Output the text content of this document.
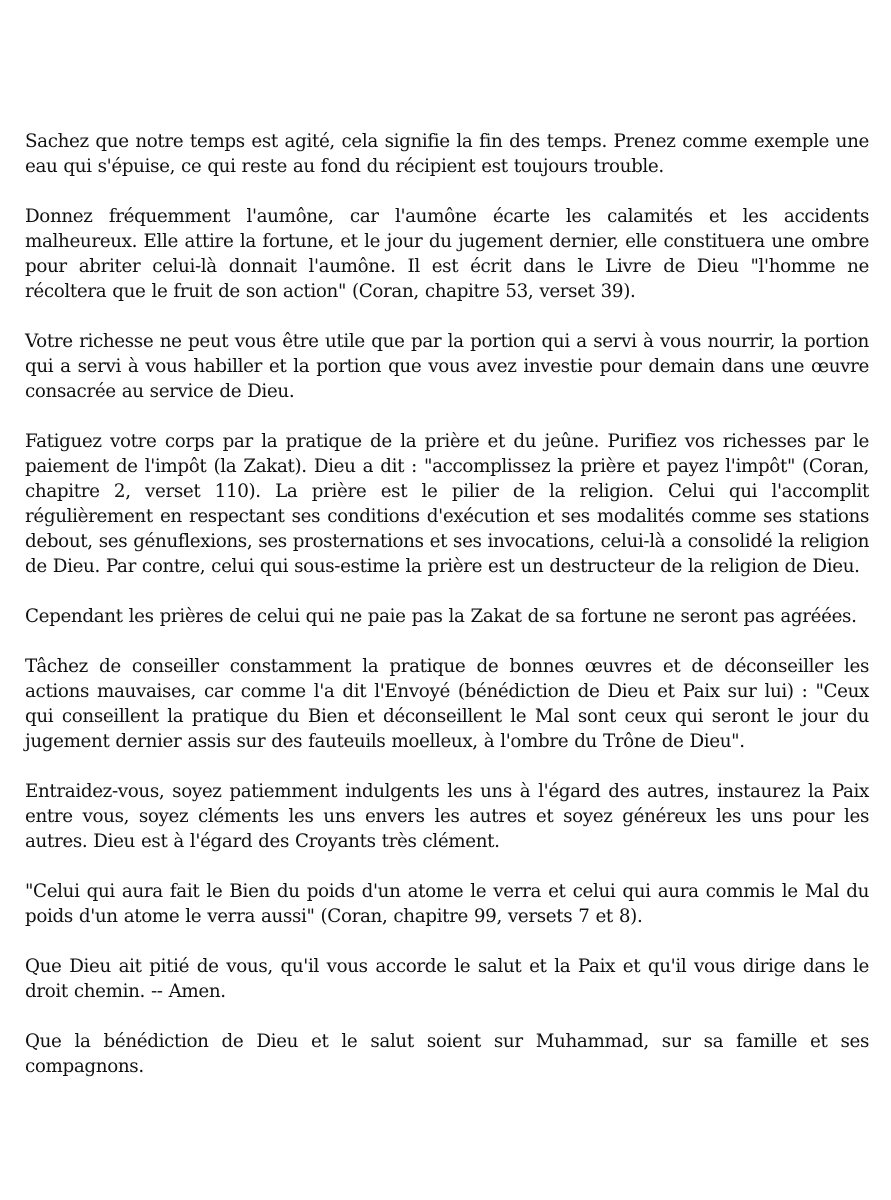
Sachez que notre temps est agité, cela signifie la fin des temps. Prenez comme exemple une eau qui s'épuise, ce qui reste au fond du récipient est toujours trouble.

Donnez fréquemment l'aumône, car l'aumône écarte les calamités et les accidents malheureux. Elle attire la fortune, et le jour du jugement dernier, elle constituera une ombre pour abriter celui-là donnait l'aumône. Il est écrit dans le Livre de Dieu "l'homme ne récoltera que le fruit de son action" (Coran, chapitre 53, verset 39).

Votre richesse ne peut vous être utile que par la portion qui a servi à vous nourrir, la portion qui a servi à vous habiller et la portion que vous avez investie pour demain dans une œuvre consacrée au service de Dieu.

Fatiguez votre corps par la pratique de la prière et du jeûne. Purifiez vos richesses par le paiement de l'impôt (la Zakat). Dieu a dit : "accomplissez la prière et payez l'impôt" (Coran, chapitre 2, verset 110). La prière est le pilier de la religion. Celui qui l'accomplit régulièrement en respectant ses conditions d'exécution et ses modalités comme ses stations debout, ses génuflexions, ses prosternations et ses invocations, celui-là a consolidé la religion de Dieu. Par contre, celui qui sous-estime la prière est un destructeur de la religion de Dieu.

Cependant les prières de celui qui ne paie pas la Zakat de sa fortune ne seront pas agréées.

Tâchez de conseiller constamment la pratique de bonnes œuvres et de déconseiller les actions mauvaises, car comme l'a dit l'Envoyé (bénédiction de Dieu et Paix sur lui) : "Ceux qui conseillent la pratique du Bien et déconseillent le Mal sont ceux qui seront le jour du jugement dernier assis sur des fauteuils moelleux, à l'ombre du Trône de Dieu".

Entraidez-vous, soyez patiemment indulgents les uns à l'égard des autres, instaurez la Paix entre vous, soyez cléments les uns envers les autres et soyez généreux les uns pour les autres. Dieu est à l'égard des Croyants très clément.

"Celui qui aura fait le Bien du poids d'un atome le verra et celui qui aura commis le Mal du poids d'un atome le verra aussi" (Coran, chapitre 99, versets 7 et 8).

Que Dieu ait pitié de vous, qu'il vous accorde le salut et la Paix et qu'il vous dirige dans le droit chemin. -- Amen.

Que la bénédiction de Dieu et le salut soient sur Muhammad, sur sa famille et ses compagnons.
